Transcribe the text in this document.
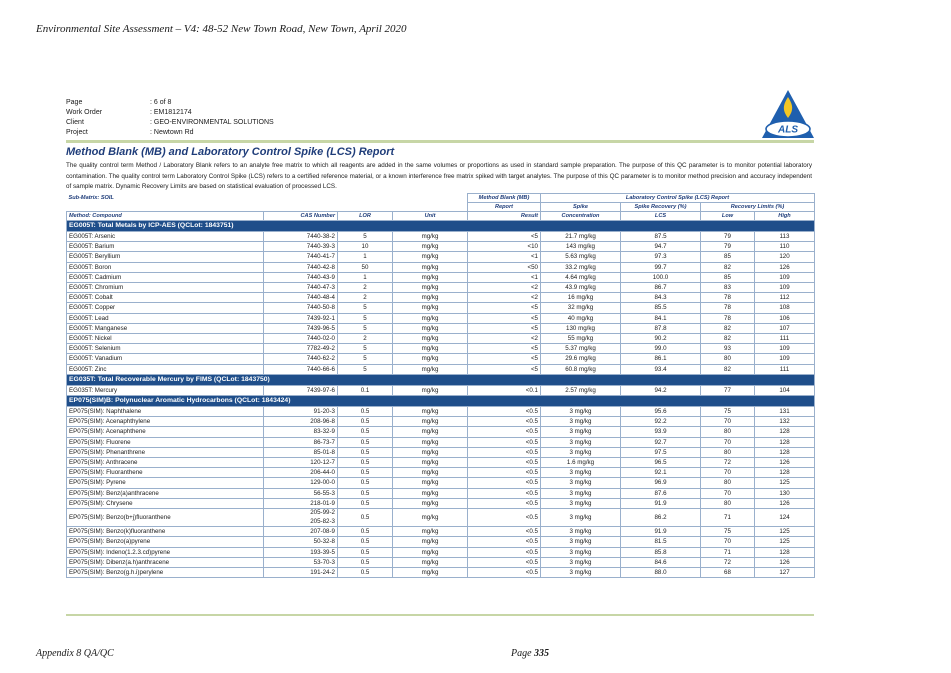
Environmental Site Assessment – V4: 48-52 New Town Road, New Town, April 2020
Page	: 6 of 8
Work Order	: EM1812174
Client	: GEO-ENVIRONMENTAL SOLUTIONS
Project	: Newtown Rd	ALS
Method Blank (MB) and Laboratory Control Spike (LCS) Report
The quality control term Method / Laboratory Blank refers to an analyte free matrix to which all reagents are added in the same volumes or proportions as used in standard sample preparation. The purpose of this QC parameter is to monitor potential laboratory contamination. The quality control term Laboratory Control Spike (LCS) refers to a certified reference material, or a known interference free matrix spiked with target analytes. The purpose of this QC parameter is to monitor method precision and accuracy independent of sample matrix. Dynamic Recovery Limits are based on statistical evaluation of processed LCS.
Sub-Matrix: SOIL				Method Blank (MB)	Laboratory Control Spike (LCS) Report			
				Report	Spike	Spike Recovery (%)	Recovery Limits (%)	
Method: Compound	CAS Number	LOR	Unit	Result	Concentration	LCS	Low	High
EG005T: Total Metals by ICP-AES (QCLot: 1843751)								
EG005T: Arsenic	7440-38-2	5	mg/kg	<5	21.7 mg/kg	87.5	79	113
EG005T: Barium	7440-39-3	10	mg/kg	<10	143 mg/kg	94.7	79	110
EG005T: Beryllium	7440-41-7	1	mg/kg	<1	5.63 mg/kg	97.3	85	120
EG005T: Boron	7440-42-8	50	mg/kg	<50	33.2 mg/kg	99.7	82	126
EG005T: Cadmium	7440-43-9	1	mg/kg	<1	4.64 mg/kg	100.0	85	109
EG005T: Chromium	7440-47-3	2	mg/kg	<2	43.9 mg/kg	86.7	83	109
EG005T: Cobalt	7440-48-4	2	mg/kg	<2	16 mg/kg	84.3	78	112
EG005T: Copper	7440-50-8	5	mg/kg	<5	32 mg/kg	85.5	78	108
EG005T: Lead	7439-92-1	5	mg/kg	<5	40 mg/kg	84.1	78	106
EG005T: Manganese	7439-96-5	5	mg/kg	<5	130 mg/kg	87.8	82	107
EG005T: Nickel	7440-02-0	2	mg/kg	<2	55 mg/kg	90.2	82	111
EG005T: Selenium	7782-49-2	5	mg/kg	<5	5.37 mg/kg	99.0	93	109
EG005T: Vanadium	7440-62-2	5	mg/kg	<5	29.6 mg/kg	86.1	80	109
EG005T: Zinc	7440-66-6	5	mg/kg	<5	60.8 mg/kg	93.4	82	111
EG035T: Total Recoverable Mercury by FIMS (QCLot: 1843750)								
EG035T: Mercury	7439-97-6	0.1	mg/kg	<0.1	2.57 mg/kg	94.2	77	104
EP075(SIM)B: Polynuclear Aromatic Hydrocarbons (QCLot: 1843424)								
EP075(SIM): Naphthalene	91-20-3	0.5	mg/kg	<0.5	3 mg/kg	95.6	75	131
EP075(SIM): Acenaphthylene	208-96-8	0.5	mg/kg	<0.5	3 mg/kg	92.2	70	132
EP075(SIM): Acenaphthene	83-32-9	0.5	mg/kg	<0.5	3 mg/kg	93.9	80	128
EP075(SIM): Fluorene	86-73-7	0.5	mg/kg	<0.5	3 mg/kg	92.7	70	128
EP075(SIM): Phenanthrene	85-01-8	0.5	mg/kg	<0.5	3 mg/kg	97.5	80	128
EP075(SIM): Anthracene	120-12-7	0.5	mg/kg	<0.5	1.6 mg/kg	96.5	72	126
EP075(SIM): Fluoranthene	206-44-0	0.5	mg/kg	<0.5	3 mg/kg	92.1	70	128
EP075(SIM): Pyrene	129-00-0	0.5	mg/kg	<0.5	3 mg/kg	96.9	80	125
EP075(SIM): Benz(a)anthracene	56-55-3	0.5	mg/kg	<0.5	3 mg/kg	87.6	70	130
EP075(SIM): Chrysene	218-01-9	0.5	mg/kg	<0.5	3 mg/kg	91.9	80	126
EP075(SIM): Benzo(b+j)fluoranthene	205-99-2
205-82-3	0.5	mg/kg	<0.5	3 mg/kg	86.2	71	124
EP075(SIM): Benzo(k)fluoranthene	207-08-9	0.5	mg/kg	<0.5	3 mg/kg	91.9	75	125
EP075(SIM): Benzo(a)pyrene	50-32-8	0.5	mg/kg	<0.5	3 mg/kg	81.5	70	125
EP075(SIM): Indeno(1.2.3.cd)pyrene	193-39-5	0.5	mg/kg	<0.5	3 mg/kg	85.8	71	128
EP075(SIM): Dibenz(a.h)anthracene	53-70-3	0.5	mg/kg	<0.5	3 mg/kg	84.6	72	126
EP075(SIM): Benzo(g.h.i)perylene	191-24-2	0.5	mg/kg	<0.5	3 mg/kg	88.0	68	127
Appendix 8 QA/QC	Page 335
